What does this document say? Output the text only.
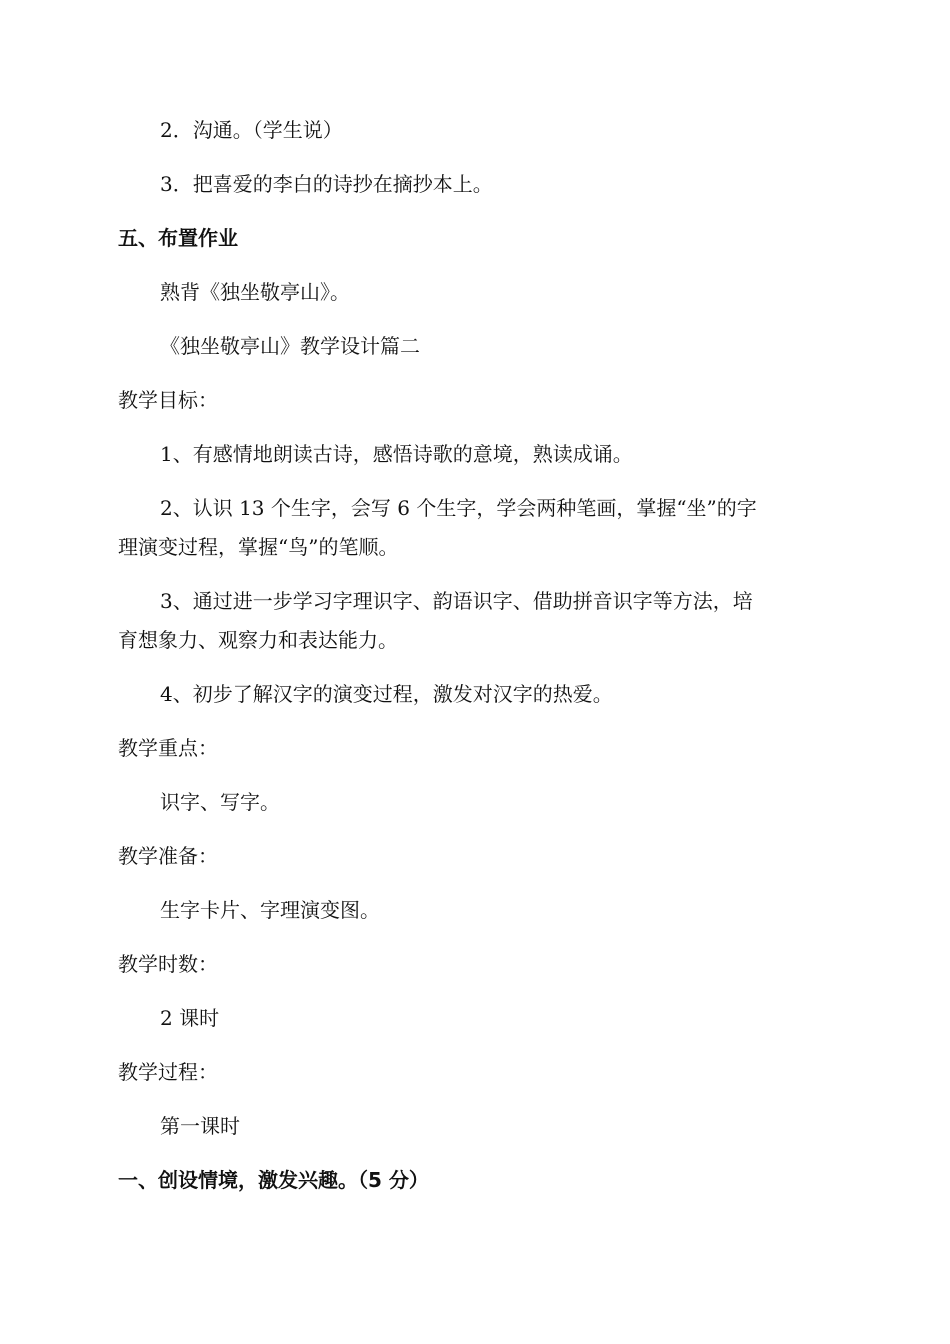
2．沟通。（学生说）

3．把喜爱的李白的诗抄在摘抄本上。

五、布置作业

熟背《独坐敬亭山》。

《独坐敬亭山》教学设计篇二

教学目标：

1、有感情地朗读古诗，感悟诗歌的意境，熟读成诵。

2、认识 13 个生字，会写 6 个生字，学会两种笔画，掌握“坐”的字

理演变过程，掌握“鸟”的笔顺。

3、通过进一步学习字理识字、韵语识字、借助拼音识字等方法，培

育想象力、观察力和表达能力。

4、初步了解汉字的演变过程，激发对汉字的热爱。

教学重点：

识字、写字。

教学准备：

生字卡片、字理演变图。

教学时数：

2 课时

教学过程：

第一课时

一、创设情境，激发兴趣。（5 分）
